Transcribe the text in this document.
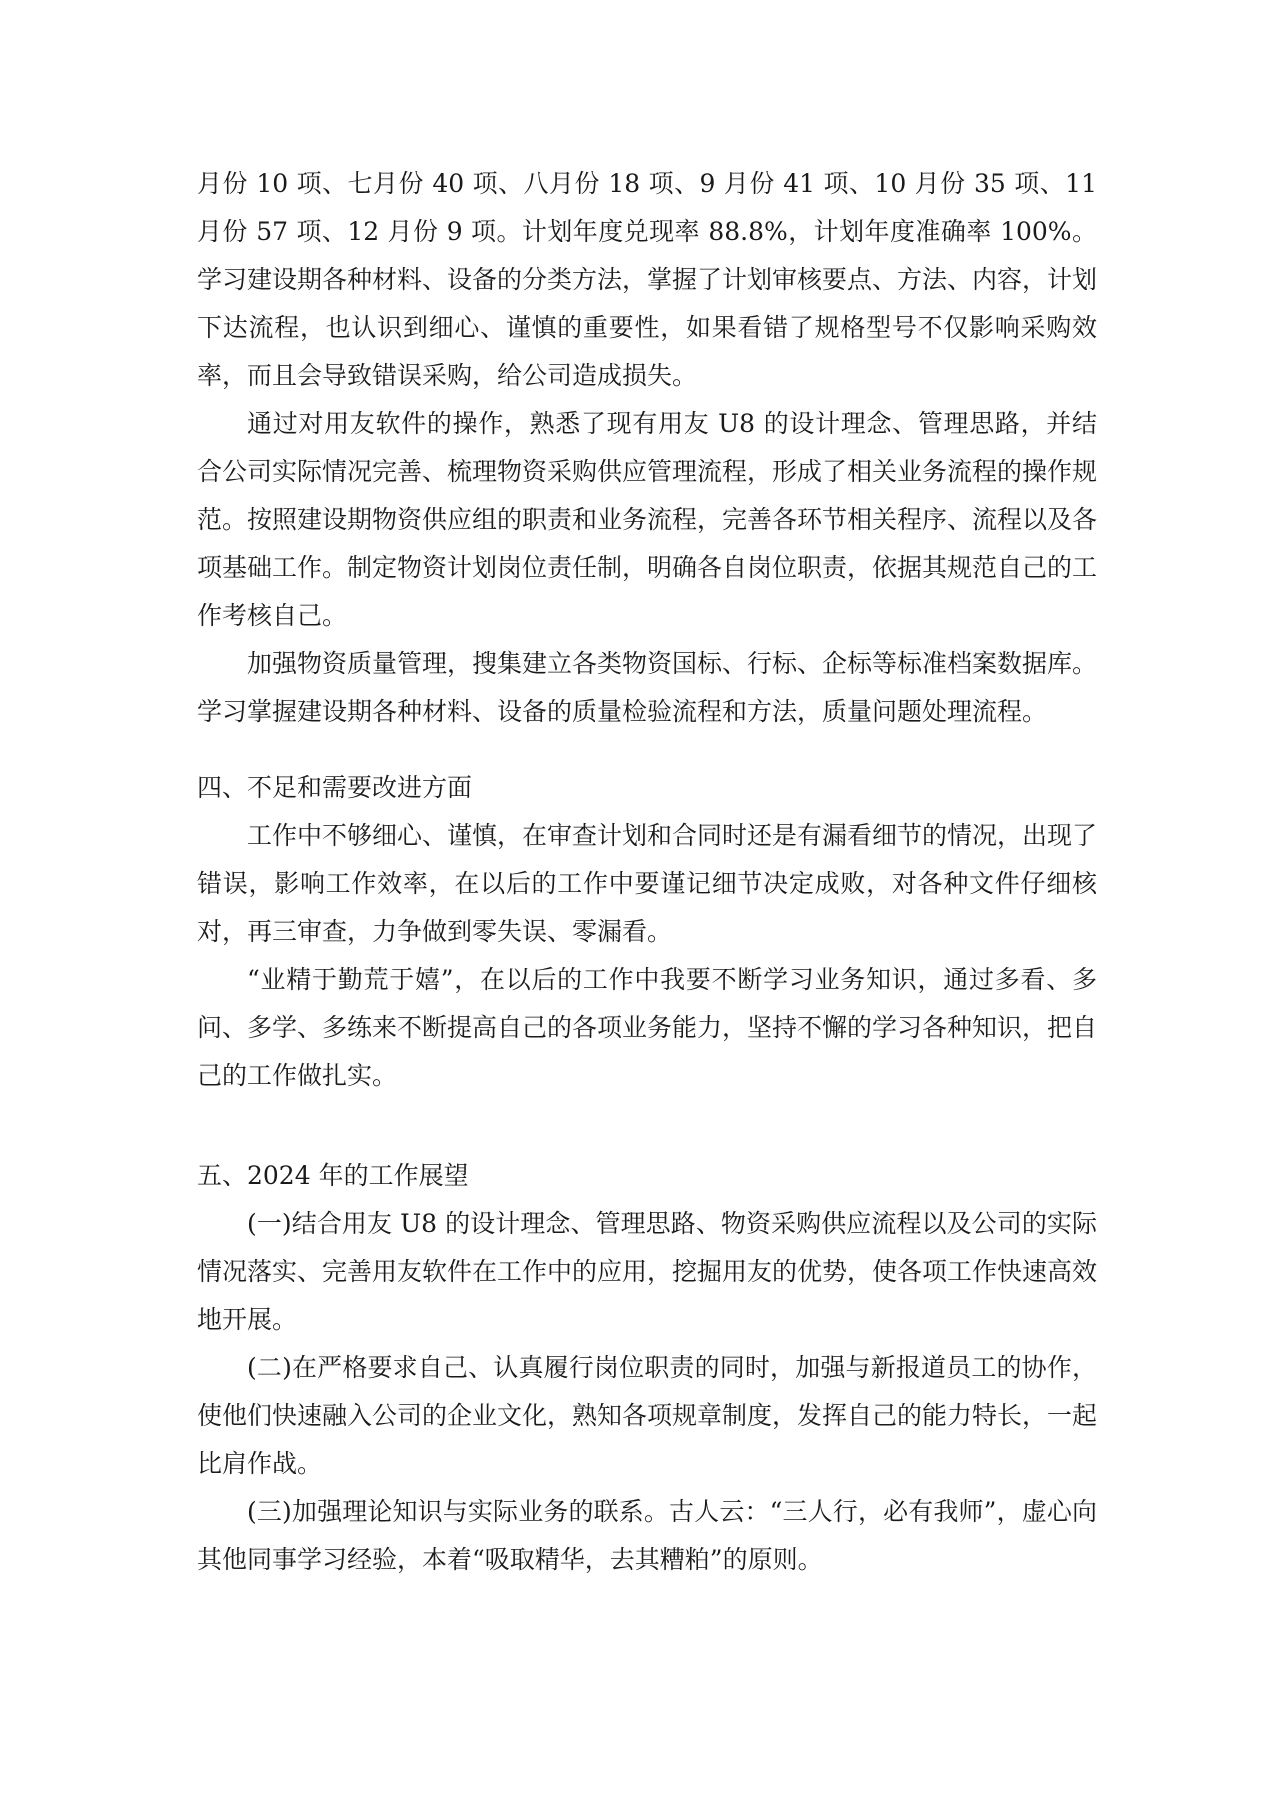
月份 10 项、七月份 40 项、八月份 18 项、9 月份 41 项、10 月份 35 项、11 月份 57 项、12 月份 9 项。计划年度兑现率 88.8%，计划年度准确率 100%。学习建设期各种材料、设备的分类方法，掌握了计划审核要点、方法、内容，计划下达流程，也认识到细心、谨慎的重要性，如果看错了规格型号不仅影响采购效率，而且会导致错误采购，给公司造成损失。

通过对用友软件的操作，熟悉了现有用友 U8 的设计理念、管理思路，并结合公司实际情况完善、梳理物资采购供应管理流程，形成了相关业务流程的操作规范。按照建设期物资供应组的职责和业务流程，完善各环节相关程序、流程以及各项基础工作。制定物资计划岗位责任制，明确各自岗位职责，依据其规范自己的工作考核自己。

加强物资质量管理，搜集建立各类物资国标、行标、企标等标准档案数据库。学习掌握建设期各种材料、设备的质量检验流程和方法，质量问题处理流程。

四、不足和需要改进方面

工作中不够细心、谨慎，在审查计划和合同时还是有漏看细节的情况，出现了错误，影响工作效率，在以后的工作中要谨记细节决定成败，对各种文件仔细核对，再三审查，力争做到零失误、零漏看。

“业精于勤荒于嬉”，在以后的工作中我要不断学习业务知识，通过多看、多问、多学、多练来不断提高自己的各项业务能力，坚持不懈的学习各种知识，把自己的工作做扎实。

五、2024 年的工作展望

(一)结合用友 U8 的设计理念、管理思路、物资采购供应流程以及公司的实际情况落实、完善用友软件在工作中的应用，挖掘用友的优势，使各项工作快速高效地开展。

(二)在严格要求自己、认真履行岗位职责的同时，加强与新报道员工的协作，使他们快速融入公司的企业文化，熟知各项规章制度，发挥自己的能力特长，一起比肩作战。

(三)加强理论知识与实际业务的联系。古人云：“三人行，必有我师”，虚心向其他同事学习经验，本着“吸取精华，去其糟粕”的原则。
